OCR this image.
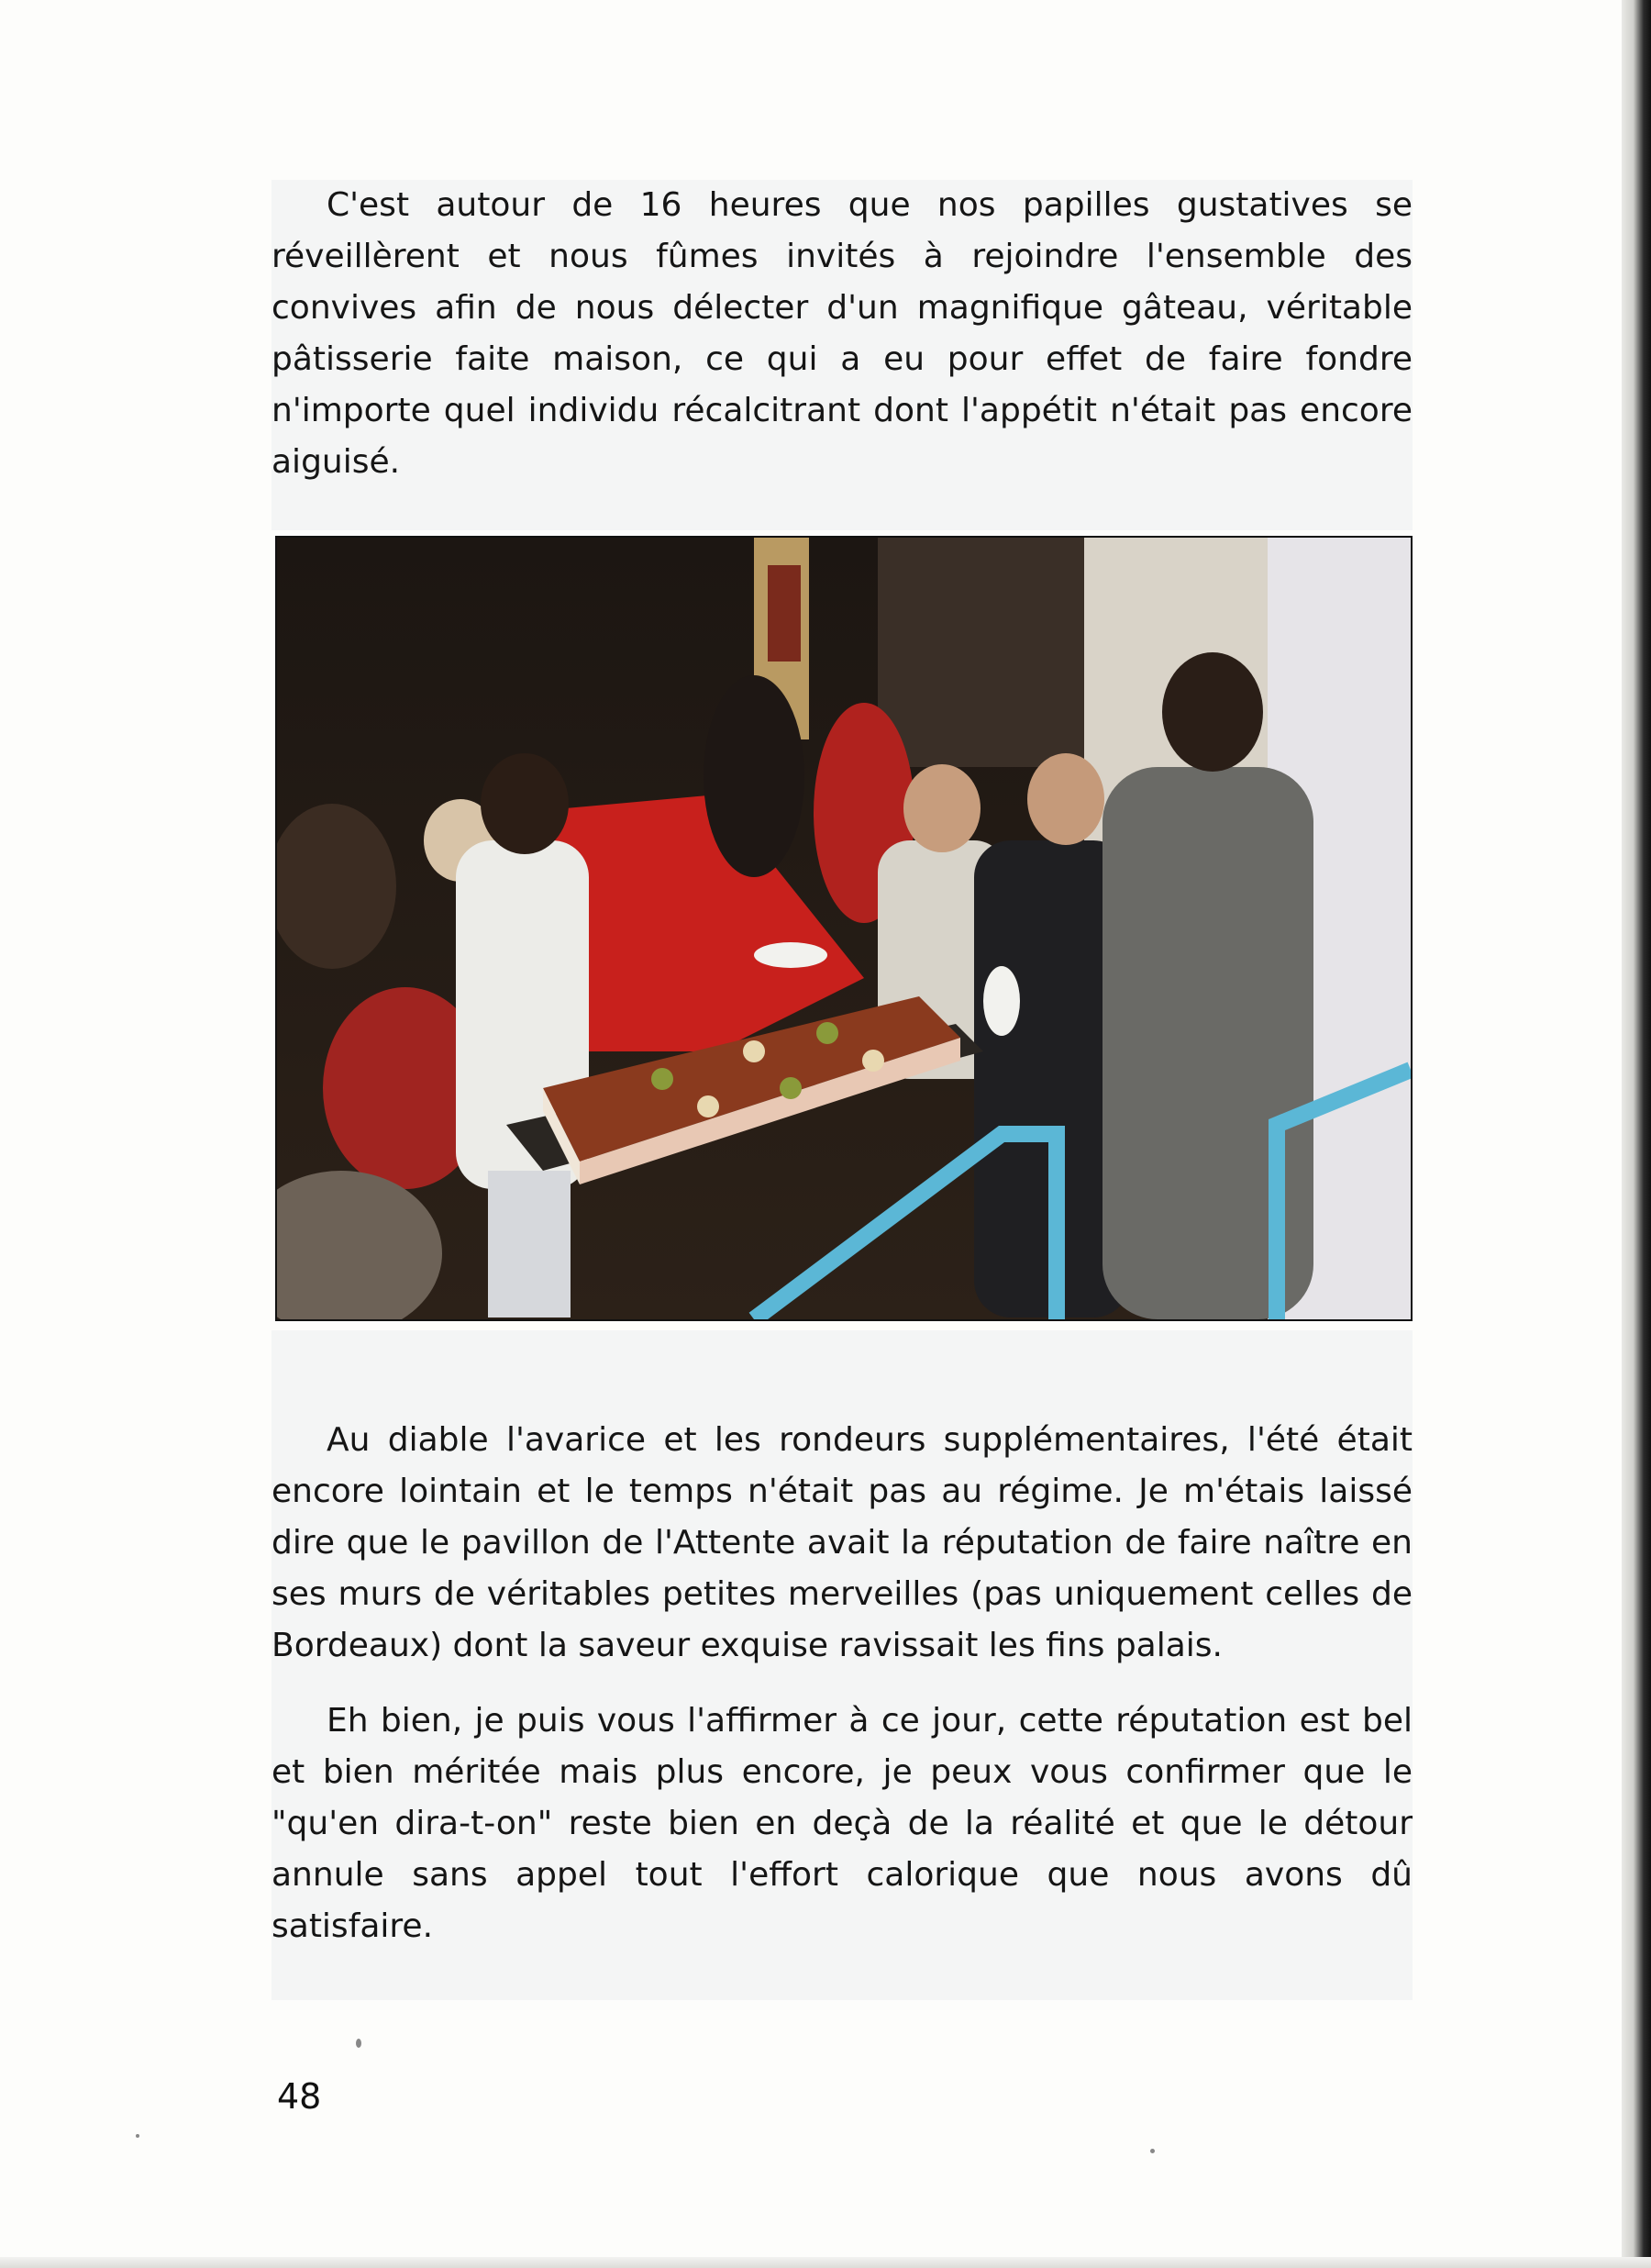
C'est autour de 16 heures que nos papilles gustatives se réveillèrent et nous fûmes invités à rejoindre l'ensemble des convives afin de nous délecter d'un magnifique gâteau, véritable pâtisserie faite maison, ce qui a eu pour effet de faire fondre n'importe quel individu récalcitrant dont l'appétit n'était pas encore aiguisé.

Au diable l'avarice et les rondeurs supplémentaires, l'été était encore lointain et le temps n'était pas au régime. Je m'étais laissé dire que le pavillon de l'Attente avait la réputation de faire naître en ses murs de véritables petites merveilles (pas uniquement celles de Bordeaux) dont la saveur exquise ravissait les fins palais.

Eh bien, je puis vous l'affirmer à ce jour, cette réputation est bel et bien méritée mais plus encore, je peux vous confirmer que le "qu'en dira-t-on" reste bien en deçà de la réalité et que le détour annule sans appel tout l'effort calorique que nous avons dû satisfaire.

48
